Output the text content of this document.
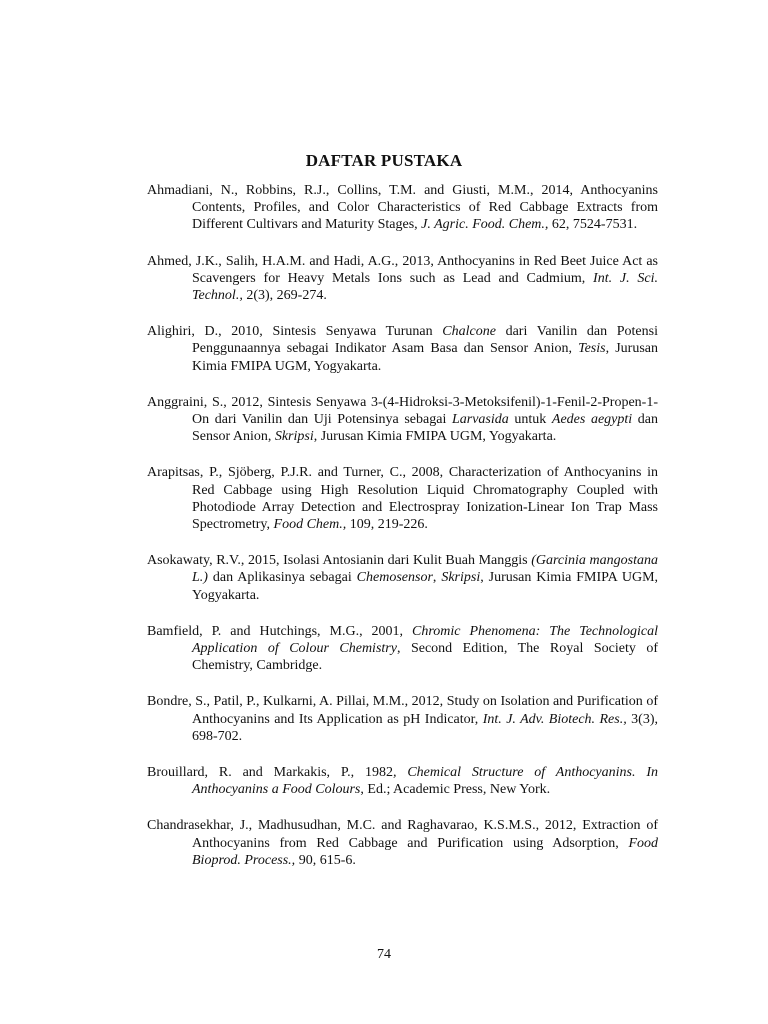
DAFTAR PUSTAKA

Ahmadiani, N., Robbins, R.J., Collins, T.M. and Giusti, M.M., 2014, Anthocyanins Contents, Profiles, and Color Characteristics of Red Cabbage Extracts from Different Cultivars and Maturity Stages, J. Agric. Food. Chem., 62, 7524-7531.

Ahmed, J.K., Salih, H.A.M. and Hadi, A.G., 2013, Anthocyanins in Red Beet Juice Act as Scavengers for Heavy Metals Ions such as Lead and Cadmium, Int. J. Sci. Technol., 2(3), 269-274.

Alighiri, D., 2010, Sintesis Senyawa Turunan Chalcone dari Vanilin dan Potensi Penggunaannya sebagai Indikator Asam Basa dan Sensor Anion, Tesis, Jurusan Kimia FMIPA UGM, Yogyakarta.

Anggraini, S., 2012, Sintesis Senyawa 3-(4-Hidroksi-3-Metoksifenil)-1-Fenil-2-Propen-1-On dari Vanilin dan Uji Potensinya sebagai Larvasida untuk Aedes aegypti dan Sensor Anion, Skripsi, Jurusan Kimia FMIPA UGM, Yogyakarta.

Arapitsas, P., Sjöberg, P.J.R. and Turner, C., 2008, Characterization of Anthocyanins in Red Cabbage using High Resolution Liquid Chromatography Coupled with Photodiode Array Detection and Electrospray Ionization-Linear Ion Trap Mass Spectrometry, Food Chem., 109, 219-226.

Asokawaty, R.V., 2015, Isolasi Antosianin dari Kulit Buah Manggis (Garcinia mangostana L.) dan Aplikasinya sebagai Chemosensor, Skripsi, Jurusan Kimia FMIPA UGM, Yogyakarta.

Bamfield, P. and Hutchings, M.G., 2001, Chromic Phenomena: The Technological Application of Colour Chemistry, Second Edition, The Royal Society of Chemistry, Cambridge.

Bondre, S., Patil, P., Kulkarni, A. Pillai, M.M., 2012, Study on Isolation and Purification of Anthocyanins and Its Application as pH Indicator, Int. J. Adv. Biotech. Res., 3(3), 698-702.

Brouillard, R. and Markakis, P., 1982, Chemical Structure of Anthocyanins. In Anthocyanins a Food Colours, Ed.; Academic Press, New York.

Chandrasekhar, J., Madhusudhan, M.C. and Raghavarao, K.S.M.S., 2012, Extraction of Anthocyanins from Red Cabbage and Purification using Adsorption, Food Bioprod. Process., 90, 615-6.

74
